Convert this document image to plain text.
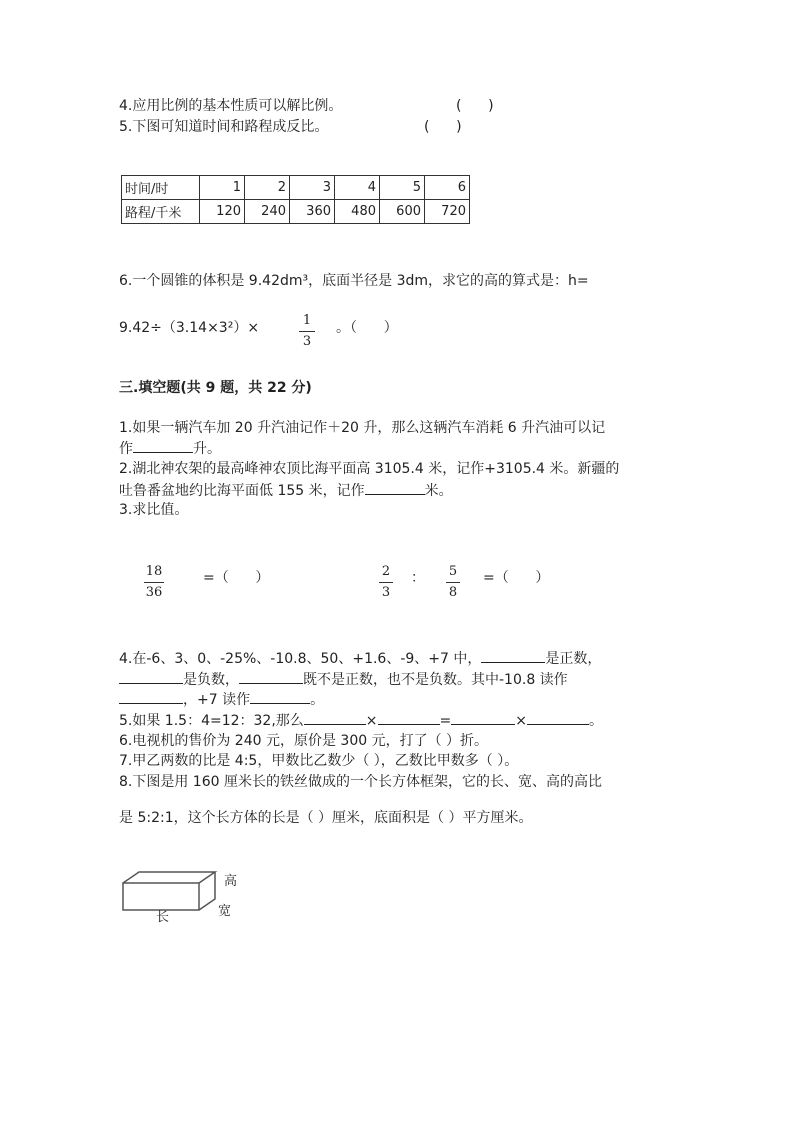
4.应用比例的基本性质可以解比例。	(      )
5.下图可知道时间和路程成反比。	(      )
时间/时	1	2	3	4	5	6
路程/千米	120	240	360	480	600	720
6.一个圆锥的体积是 9.42dm³，底面半径是 3dm，求它的高的算式是：h=
9.42÷（3.14×3²）×	1
3
。（      ）
三.填空题(共 9 题，共 22 分)
1.如果一辆汽车加 20 升汽油记作＋20 升，那么这辆汽车消耗 6 升汽油可以记
作	升。
2.湖北神农架的最高峰神农顶比海平面高 3105.4 米，记作+3105.4 米。新疆的
吐鲁番盆地约比海平面低 155 米，记作	米。
3.求比值。
18
36
=（      ）	2
3
： 5
8
=（      ）
4.在-6、3、0、-25%、-10.8、50、+1.6、-9、+7 中，	是正数，
是负数，	既不是正数，也不是负数。其中-10.8 读作
，+7 读作	。
5.如果 1.5：4=12：32,那么	×	=	×	。
6.电视机的售价为 240 元，原价是 300 元，打了（ ）折。
7.甲乙两数的比是 4:5，甲数比乙数少（ ），乙数比甲数多（ ）。
8.下图是用 160 厘米长的铁丝做成的一个长方体框架，它的长、宽、高的高比
是 5:2:1，这个长方体的长是（ ）厘米，底面积是（ ）平方厘米。
高
宽
长
